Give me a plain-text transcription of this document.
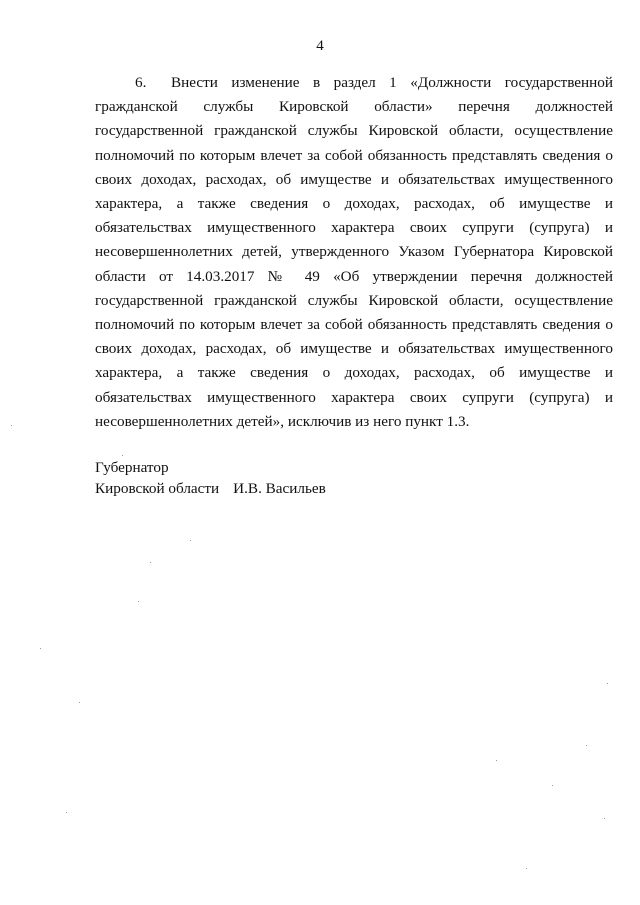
4
6. Внести изменение в раздел 1 «Должности государственной гражданской службы Кировской области» перечня должностей государственной гражданской службы Кировской области, осуществление полномочий по которым влечет за собой обязанность представлять сведения о своих доходах, расходах, об имуществе и обязательствах имущественного характера, а также сведения о доходах, расходах, об имуществе и обязательствах имущественного характера своих супруги (супруга) и несовершеннолетних детей, утвержденного Указом Губернатора Кировской области от 14.03.2017 № 49 «Об утверждении перечня должностей государственной гражданской службы Кировской области, осуществление полномочий по которым влечет за собой обязанность представлять сведения о своих доходах, расходах, об имуществе и обязательствах имущественного характера, а также сведения о доходах, расходах, об имуществе и обязательствах имущественного характера своих супруги (супруга) и несовершеннолетних детей», исключив из него пункт 1.3.
Губернатор
Кировской области И.В. Васильев
